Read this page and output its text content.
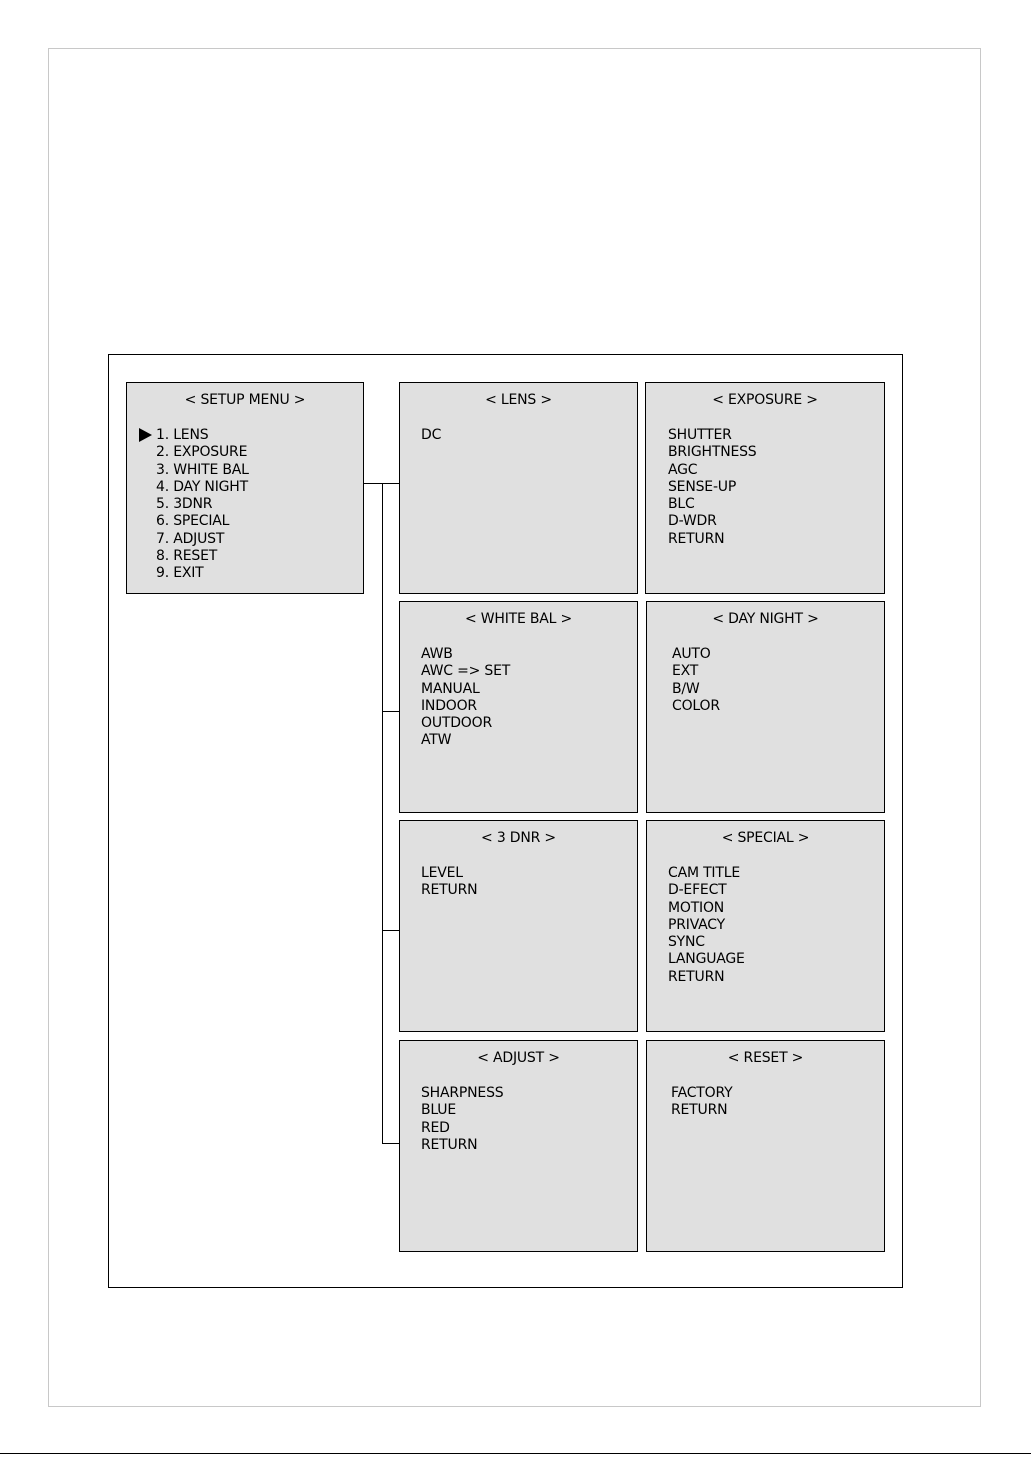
< SETUP MENU >
1. LENS
2. EXPOSURE
3. WHITE BAL
4. DAY NIGHT
5. 3DNR
6. SPECIAL
7. ADJUST
8. RESET
9. EXIT
< LENS >
DC
< EXPOSURE >
SHUTTER
BRIGHTNESS
AGC
SENSE-UP
BLC
D-WDR
RETURN
< WHITE BAL >
AWB
AWC => SET
MANUAL
INDOOR
OUTDOOR
ATW
< DAY NIGHT >
AUTO
EXT
B/W
COLOR
< 3 DNR >
LEVEL
RETURN
< SPECIAL >
CAM TITLE
D-EFECT
MOTION
PRIVACY
SYNC
LANGUAGE
RETURN
< ADJUST >
SHARPNESS
BLUE
RED
RETURN
< RESET >
FACTORY
RETURN
